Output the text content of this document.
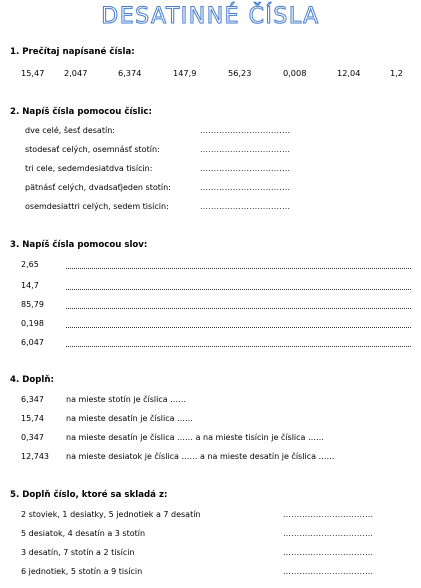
DESATINNÉ ČÍSLA
1. Prečítaj napísané čísla:
15,47 2,047	6,374	147,9	56,23	0,008	12,04	1,2
2. Napíš čísla pomocou číslic:
dve celé, šesť desatín:	……………………………
stodesať celých, osemnásť stotín:	……………………………
tri cele, sedemdesiatdva tisícin:	……………………………
pätnásť celých, dvadsaťjeden stotín:	……………………………
osemdesiattri celých, sedem tisícin:	……………………………
3. Napíš čísla pomocou slov:
2,65
14,7
85,79
0,198
6,047
4. Doplň:
6,347	na mieste stotín je číslica ……
15,74	na mieste desatín je číslica ……
0,347	na mieste desatín je číslica …… a na mieste tisícin je číslica ……
12,743 na mieste desiatok je číslica …… a na mieste desatín je číslica ……
5. Doplň číslo, ktoré sa skladá z:
2 stoviek, 1 desiatky, 5 jednotiek a 7 desatín	……………………………
5 desiatok, 4 desatín a 3 stotín	……………………………
3 desatín, 7 stotín a 2 tisícin	……………………………
6 jednotiek, 5 stotín a 9 tisícin	……………………………
